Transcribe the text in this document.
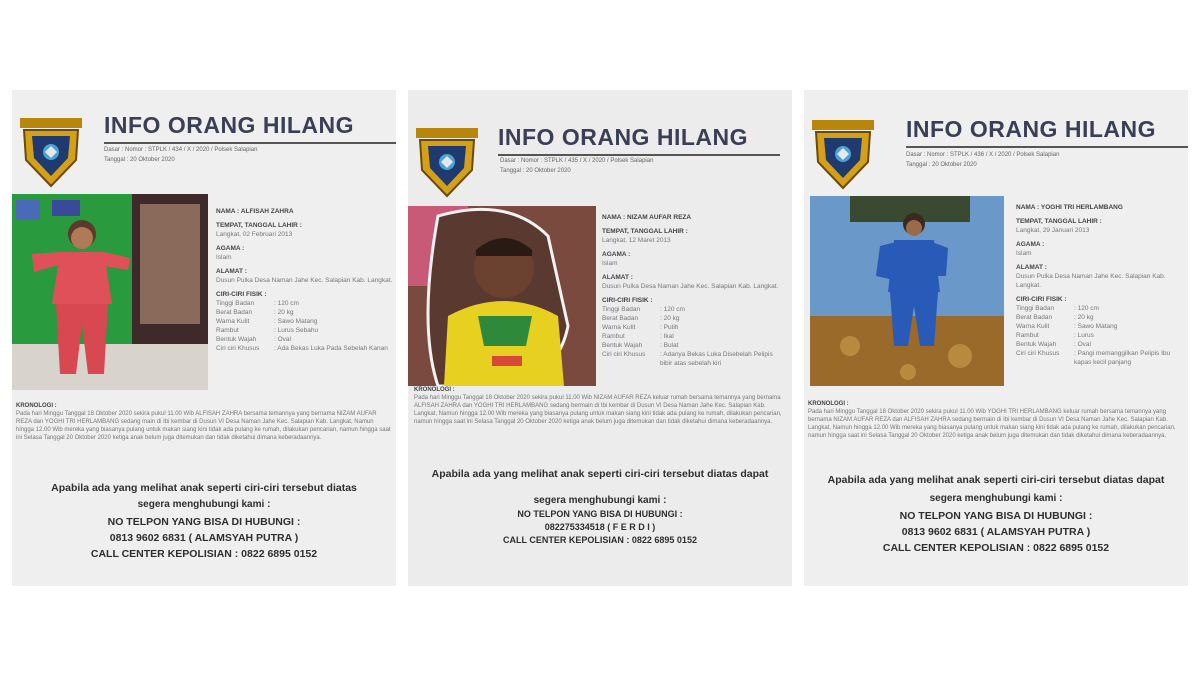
INFO ORANG HILANG
Dasar : Nomor : STPLK / 434 / X / 2020 / Polsek Salapian
Tanggal : 20 Oktober 2020
NAMA : ALFISAH ZAHRA
TEMPAT, TANGGAL LAHIR :
Langkat, 02 Februari 2013
AGAMA :
Islam
ALAMAT :
Dusun Pulka Desa Naman Jahe Kec. Salapian Kab. Langkat.
CIRI-CIRI FISIK :
Tinggi Badan	: 120 cm
Berat Badan	: 20 kg
Warna Kulit	: Sawo Matang
Rambut	: Lurus Sebahu
Bentuk Wajah	: Oval
Ciri ciri Khusus	: Ada Bekas Luka Pada Sebelah Kanan
KRONOLOGI :
Pada hari Minggu Tanggal 18 Oktober 2020 sekira pukul 11.00 Wib ALFISAH ZAHRA bersama temannya yang bernama NIZAM AUFAR REZA dan YOGHI TRI HERLAMBANG sedang main di Ibi kembar di Dusun VI Desa Naman Jahe Kec. Salapian Kab. Langkat, Namun hingga 12.00 Wib mereka yang biasanya pulang untuk makan siang kini tidak ada pulang ke rumah, dilakukan pencarian, namun hingga saat ini Selasa Tanggal 20 Oktober 2020 ketiga anak belum juga ditemukan dan tidak diketahui dimana keberadaannya.
Apabila ada yang melihat anak seperti ciri-ciri tersebut diatas
segera menghubungi kami :
NO TELPON YANG BISA DI HUBUNGI :
0813 9602 6831 ( ALAMSYAH PUTRA )
CALL CENTER KEPOLISIAN : 0822 6895 0152
INFO ORANG HILANG
Dasar : Nomor : STPLK / 435 / X / 2020 / Polsek Salapian
Tanggal : 20 Oktober 2020
NAMA : NIZAM AUFAR REZA
TEMPAT, TANGGAL LAHIR :
Langkat, 12 Maret 2013
AGAMA :
Islam
ALAMAT :
Dusun Pulka Desa Naman Jahe Kec. Salapian Kab. Langkat.
CIRI-CIRI FISIK :
Tinggi Badan	: 120 cm
Berat Badan	: 20 kg
Warna Kulit	: Putih
Rambut	: Ikal
Bentuk Wajah	: Bulat
Ciri ciri Khusus	: Adanya Bekas Luka Disebelah Pelipis bibir atas sebelah kiri
KRONOLOGI :
Pada hari Minggu Tanggal 18 Oktober 2020 sekira pukul 11.00 Wib NIZAM AUFAR REZA keluar rumah bersama temannya yang bernama ALFISAH ZAHRA dan YOGHI TRI HERLAMBANG sedang bermain di Ibi kembar di Dusun VI Desa Naman Jahe Kec. Salapian Kab. Langkat, Namun hingga 12.00 Wib mereka yang biasanya pulang untuk makan siang kini tidak ada pulang ke rumah, dilakukan pencarian, namun hingga saat ini Selasa Tanggal 20 Oktober 2020 ketiga anak belum juga ditemukan dan tidak diketahui dimana keberadaannya.
Apabila ada yang melihat anak seperti ciri-ciri tersebut diatas dapat
segera menghubungi kami :
NO TELPON YANG BISA DI HUBUNGI :
082275334518 ( F E R D I )
CALL CENTER KEPOLISIAN : 0822 6895 0152
INFO ORANG HILANG
Dasar : Nomor : STPLK / 436 / X / 2020 / Polsek Salapian
Tanggal : 20 Oktober 2020
NAMA : YOGHI TRI HERLAMBANG
TEMPAT, TANGGAL LAHIR :
Langkat, 29 Januari 2013
AGAMA :
Islam
ALAMAT :
Dusun Pulka Desa Naman Jahe Kec. Salapian Kab. Langkat.
CIRI-CIRI FISIK :
Tinggi Badan	: 120 cm
Berat Badan	: 20 kg
Warna Kulit	: Sawo Matang
Rambut	: Lurus
Bentuk Wajah	: Oval
Ciri ciri Khusus	: Pangi memanggilkan Pelipis Ibu kapas kecil panjang
KRONOLOGI :
Pada hari Minggu Tanggal 18 Oktober 2020 sekira pukul 11.00 Wib YOGHI TRI HERLAMBANG keluar rumah bersama temannya yang bernama NIZAM AUFAR REZA dan ALFISAH ZAHRA sedang bermain di Ibi kembar di Dusun VI Desa Naman Jahe Kec. Salapian Kab. Langkat, Namun hingga 12.00 Wib mereka yang biasanya pulang untuk makan siang kini tidak ada pulang ke rumah, dilakukan pencarian, namun hingga saat ini Selasa Tanggal 20 Oktober 2020 ketiga anak belum juga ditemukan dan tidak diketahui dimana keberadaannya.
Apabila ada yang melihat anak seperti ciri-ciri tersebut diatas dapat
segera menghubungi kami :
NO TELPON YANG BISA DI HUBUNGI :
0813 9602 6831 ( ALAMSYAH PUTRA )
CALL CENTER KEPOLISIAN : 0822 6895 0152
